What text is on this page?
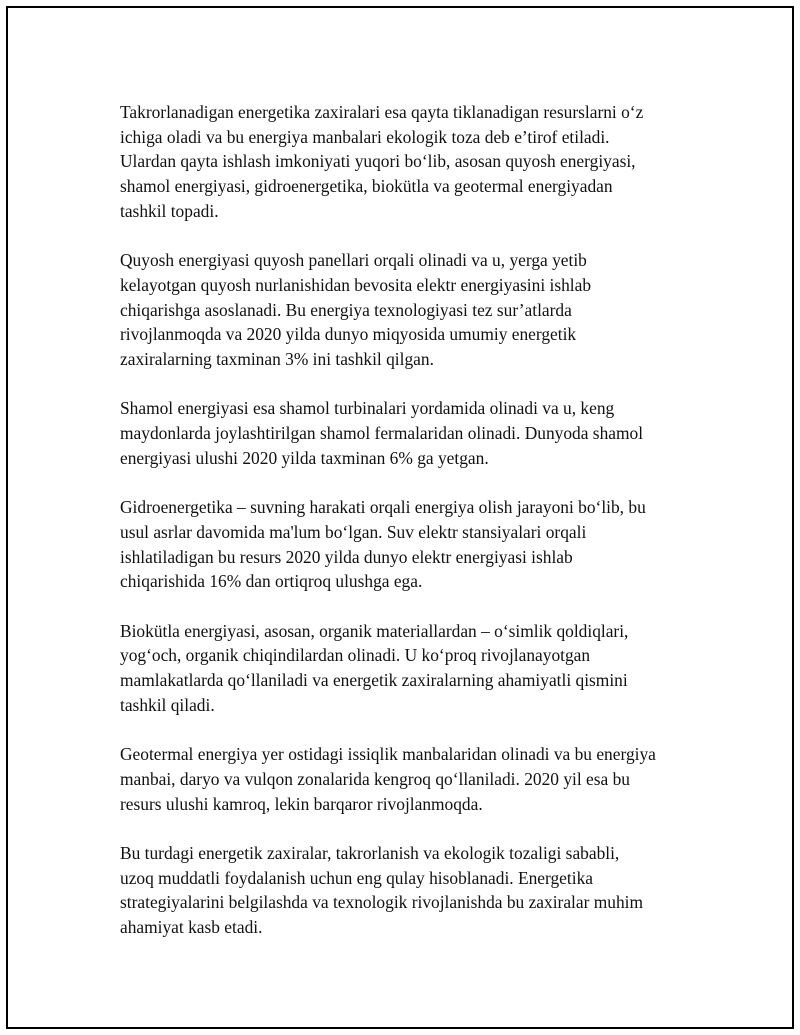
Takrorlanadigan energetika zaxiralari esa qayta tiklanadigan resurslarni o‘z
ichiga oladi va bu energiya manbalari ekologik toza deb e’tirof etiladi.
Ulardan qayta ishlash imkoniyati yuqori bo‘lib, asosan quyosh energiyasi,
shamol energiyasi, gidroenergetika, biokütla va geotermal energiyadan
tashkil topadi.

Quyosh energiyasi quyosh panellari orqali olinadi va u, yerga yetib
kelayotgan quyosh nurlanishidan bevosita elektr energiyasini ishlab
chiqarishga asoslanadi. Bu energiya texnologiyasi tez sur’atlarda
rivojlanmoqda va 2020 yilda dunyo miqyosida umumiy energetik
zaxiralarning taxminan 3% ini tashkil qilgan.

Shamol energiyasi esa shamol turbinalari yordamida olinadi va u, keng
maydonlarda joylashtirilgan shamol fermalaridan olinadi. Dunyoda shamol
energiyasi ulushi 2020 yilda taxminan 6% ga yetgan.

Gidroenergetika – suvning harakati orqali energiya olish jarayoni bo‘lib, bu
usul asrlar davomida ma'lum bo‘lgan. Suv elektr stansiyalari orqali
ishlatiladigan bu resurs 2020 yilda dunyo elektr energiyasi ishlab
chiqarishida 16% dan ortiqroq ulushga ega.

Biokütla energiyasi, asosan, organik materiallardan – o‘simlik qoldiqlari,
yog‘och, organik chiqindilardan olinadi. U ko‘proq rivojlanayotgan
mamlakatlarda qo‘llaniladi va energetik zaxiralarning ahamiyatli qismini
tashkil qiladi.

Geotermal energiya yer ostidagi issiqlik manbalaridan olinadi va bu energiya
manbai, daryo va vulqon zonalarida kengroq qo‘llaniladi. 2020 yil esa bu
resurs ulushi kamroq, lekin barqaror rivojlanmoqda.

Bu turdagi energetik zaxiralar, takrorlanish va ekologik tozaligi sababli,
uzoq muddatli foydalanish uchun eng qulay hisoblanadi. Energetika
strategiyalarini belgilashda va texnologik rivojlanishda bu zaxiralar muhim
ahamiyat kasb etadi.
